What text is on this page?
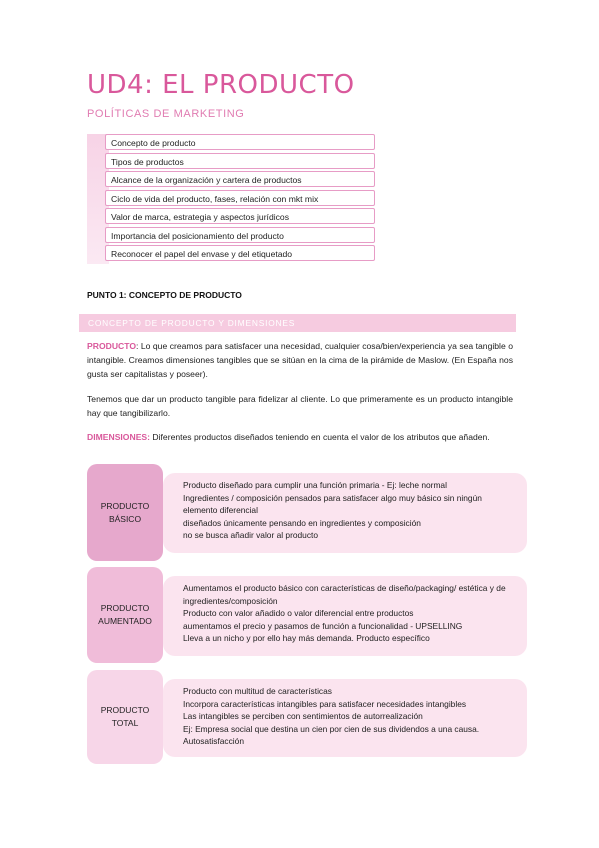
UD4: EL PRODUCTO
POLÍTICAS DE MARKETING
Concepto de producto
Tipos de productos
Alcance de la organización y cartera de productos
Ciclo de vida del producto, fases, relación con mkt mix
Valor de marca, estrategia y aspectos jurídicos
Importancia del posicionamiento del producto
Reconocer el papel del envase y del etiquetado
PUNTO 1: CONCEPTO DE PRODUCTO
CONCEPTO DE PRODUCTO Y DIMENSIONES
PRODUCTO: Lo que creamos para satisfacer una necesidad, cualquier cosa/bien/experiencia ya sea tangible o intangible. Creamos dimensiones tangibles que se sitúan en la cima de la pirámide de Maslow. (En España nos gusta ser capitalistas y poseer).
Tenemos que dar un producto tangible para fidelizar al cliente. Lo que primeramente es un producto intangible hay que tangibilizarlo.
DIMENSIONES: Diferentes productos diseñados teniendo en cuenta el valor de los atributos que añaden.
PRODUCTO
BÁSICO
Producto diseñado para cumplir una función primaria - Ej: leche normal
Ingredientes / composición pensados para satisfacer algo muy básico sin ningún elemento diferencial
diseñados únicamente pensando en ingredientes y composición
no se busca añadir valor al producto
PRODUCTO
AUMENTADO
Aumentamos el producto básico con características de diseño/packaging/ estética y de ingredientes/composición
Producto con valor añadido o valor diferencial entre productos
aumentamos el precio y pasamos de función a funcionalidad - UPSELLING
Lleva a un nicho y por ello hay más demanda. Producto específico
PRODUCTO
TOTAL
Producto con multitud de características
Incorpora características intangibles para satisfacer necesidades intangibles
Las intangibles se perciben con sentimientos de autorrealización
Ej: Empresa social que destina un cien por cien de sus dividendos a una causa. Autosatisfacción
